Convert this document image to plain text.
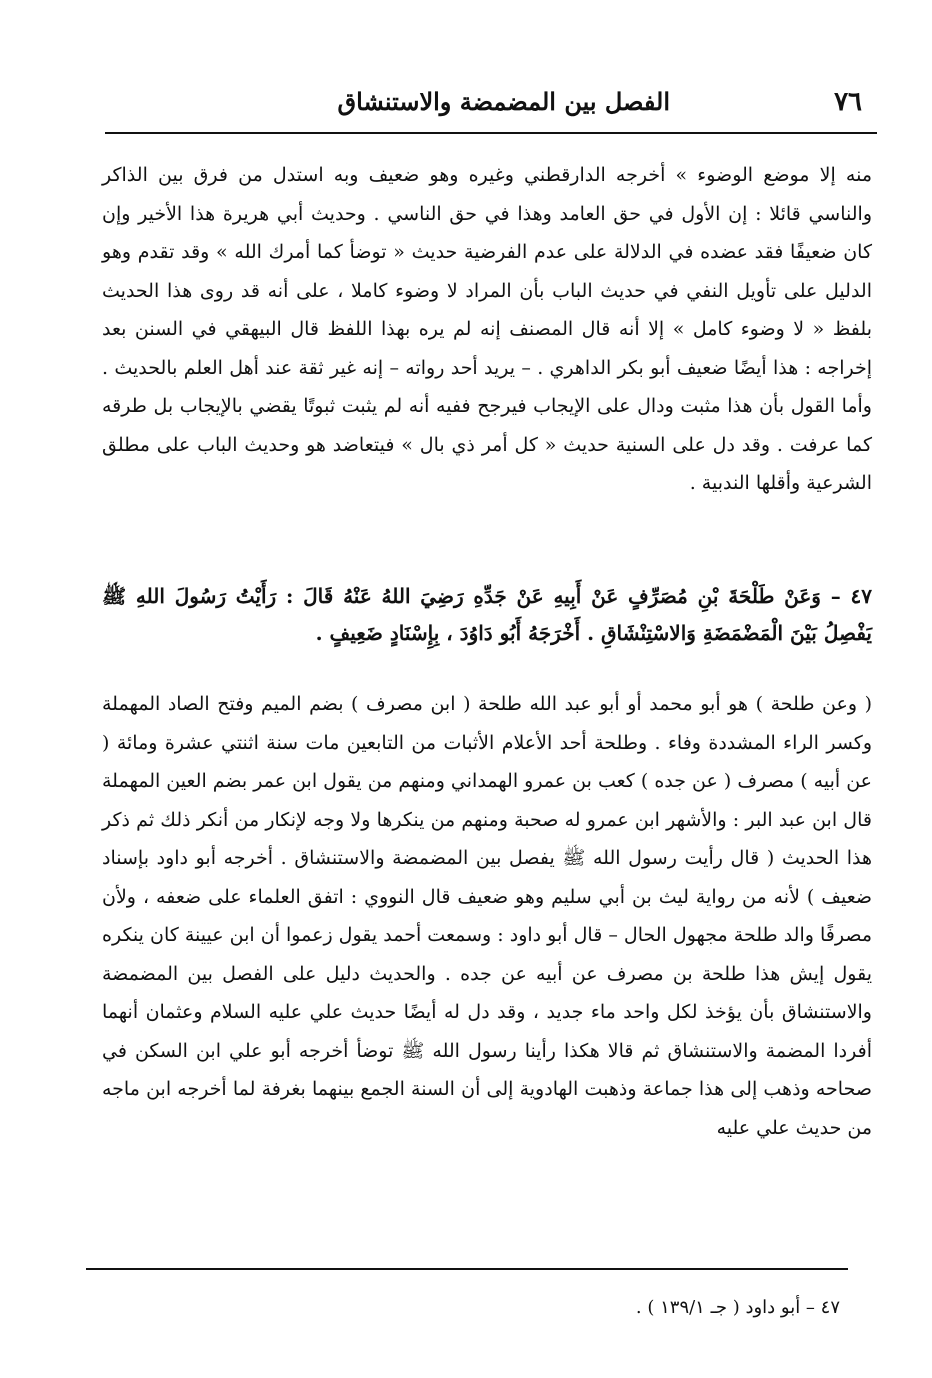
٧٦
الفصل بين المضمضة والاستنشاق
منه إلا موضع الوضوء » أخرجه الدارقطني وغيره وهو ضعيف وبه استدل من فرق بين الذاكر والناسي قائلا : إن الأول في حق العامد وهذا في حق الناسي . وحديث أبي هريرة هذا الأخير وإن كان ضعيفًا فقد عضده في الدلالة على عدم الفرضية حديث « توضأ كما أمرك الله » وقد تقدم وهو الدليل على تأويل النفي في حديث الباب بأن المراد لا وضوء كاملا ، على أنه قد روى هذا الحديث بلفظ « لا وضوء كامل » إلا أنه قال المصنف إنه لم يره بهذا اللفظ قال البيهقي في السنن بعد إخراجه : هذا أيضًا ضعيف أبو بكر الداهري . – يريد أحد رواته – إنه غير ثقة عند أهل العلم بالحديث . وأما القول بأن هذا مثبت ودال على الإيجاب فيرجح ففيه أنه لم يثبت ثبوتًا يقضي بالإيجاب بل طرقه كما عرفت . وقد دل على السنية حديث « كل أمر ذي بال » فيتعاضد هو وحديث الباب على مطلق الشرعية وأقلها الندبية .
٤٧ – وَعَنْ طَلْحَةَ بْنِ مُصَرِّفٍ عَنْ أَبِيهِ عَنْ جَدِّهِ رَضِيَ اللهُ عَنْهُ قَالَ : رَأَيْتُ رَسُولَ اللهِ ﷺ يَفْصِلُ بَيْنَ الْمَضْمَضَةِ وَالاسْتِنْشَاقِ . أَخْرَجَهُ أَبُو دَاوُدَ ، بِإِسْنَادٍ ضَعِيفٍ .
( وعن طلحة ) هو أبو محمد أو أبو عبد الله طلحة ( ابن مصرف ) بضم الميم وفتح الصاد المهملة وكسر الراء المشددة وفاء . وطلحة أحد الأعلام الأثبات من التابعين مات سنة اثنتي عشرة ومائة ( عن أبيه ) مصرف ( عن جده ) كعب بن عمرو الهمداني ومنهم من يقول ابن عمر بضم العين المهملة قال ابن عبد البر : والأشهر ابن عمرو له صحبة ومنهم من ينكرها ولا وجه لإنكار من أنكر ذلك ثم ذكر هذا الحديث ( قال رأيت رسول الله ﷺ يفصل بين المضمضة والاستنشاق . أخرجه أبو داود بإسناد ضعيف ) لأنه من رواية ليث بن أبي سليم وهو ضعيف قال النووي : اتفق العلماء على ضعفه ، ولأن مصرفًا والد طلحة مجهول الحال – قال أبو داود : وسمعت أحمد يقول زعموا أن ابن عيينة كان ينكره يقول إيش هذا طلحة بن مصرف عن أبيه عن جده . والحديث دليل على الفصل بين المضمضة والاستنشاق بأن يؤخذ لكل واحد ماء جديد ، وقد دل له أيضًا حديث علي عليه السلام وعثمان أنهما أفردا المضمة والاستنشاق ثم قالا هكذا رأينا رسول الله ﷺ توضأ أخرجه أبو علي ابن السكن في صحاحه وذهب إلى هذا جماعة وذهبت الهادوية إلى أن السنة الجمع بينهما بغرفة لما أخرجه ابن ماجه من حديث علي عليه
٤٧ – أبو داود ( جـ ١٣٩/١ ) .
